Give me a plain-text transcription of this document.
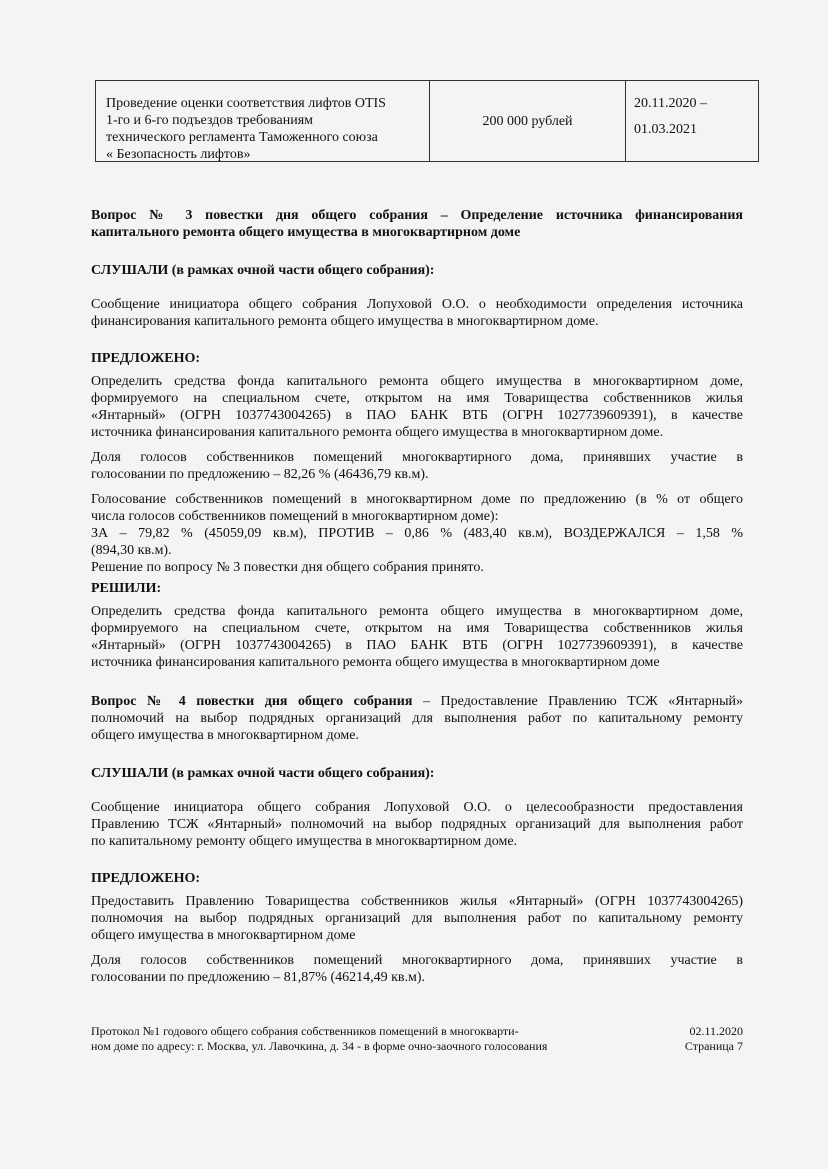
Проведение оценки соответствия лифтов OTIS
1-го и 6-го подъездов требованиям
технического регламента Таможенного союза
« Безопасность лифтов»
200 000 рублей
20.11.2020 –
01.03.2021
Вопрос № 3 повестки дня общего собрания – Определение источника финансирования
капитального ремонта общего имущества в многоквартирном доме

СЛУШАЛИ (в рамках очной части общего собрания):

Сообщение инициатора общего собрания Лопуховой О.О. о необходимости определения источника
финансирования капитального ремонта общего имущества в многоквартирном доме.

ПРЕДЛОЖЕНО:

Определить средства фонда капитального ремонта общего имущества в многоквартирном доме,
формируемого на специальном счете, открытом на имя Товарищества собственников жилья
«Янтарный» (ОГРН 1037743004265) в ПАО БАНК ВТБ (ОГРН 1027739609391), в качестве
источника финансирования капитального ремонта общего имущества в многоквартирном доме.
Доля голосов собственников помещений многоквартирного дома, принявших участие в
голосовании по предложению – 82,26 % (46436,79 кв.м).
Голосование собственников помещений в многоквартирном доме по предложению (в % от общего
числа голосов собственников помещений в многоквартирном доме):
ЗА – 79,82 % (45059,09 кв.м), ПРОТИВ – 0,86 % (483,40 кв.м), ВОЗДЕРЖАЛСЯ – 1,58 %
(894,30 кв.м).
Решение по вопросу № 3 повестки дня общего собрания принято.

РЕШИЛИ:

Определить средства фонда капитального ремонта общего имущества в многоквартирном доме,
формируемого на специальном счете, открытом на имя Товарищества собственников жилья
«Янтарный» (ОГРН 1037743004265) в ПАО БАНК ВТБ (ОГРН 1027739609391), в качестве
источника финансирования капитального ремонта общего имущества в многоквартирном доме
Вопрос № 4 повестки дня общего собрания – Предоставление Правлению ТСЖ «Янтарный»
полномочий на выбор подрядных организаций для выполнения работ по капитальному ремонту
общего имущества в многоквартирном доме.

СЛУШАЛИ (в рамках очной части общего собрания):

Сообщение инициатора общего собрания Лопуховой О.О. о целесообразности предоставления
Правлению ТСЖ «Янтарный» полномочий на выбор подрядных организаций для выполнения работ
по капитальному ремонту общего имущества в многоквартирном доме.

ПРЕДЛОЖЕНО:

Предоставить Правлению Товарищества собственников жилья «Янтарный» (ОГРН 1037743004265)
полномочия на выбор подрядных организаций для выполнения работ по капитальному ремонту
общего имущества в многоквартирном доме
Доля голосов собственников помещений многоквартирного дома, принявших участие в
голосовании по предложению – 81,87% (46214,49 кв.м).
Протокол №1 годового общего собрания собственников помещений в многокварти-
ном доме по адресу: г. Москва, ул. Лавочкина, д. 34 - в форме очно-заочного голосования
02.11.2020
Страница 7
